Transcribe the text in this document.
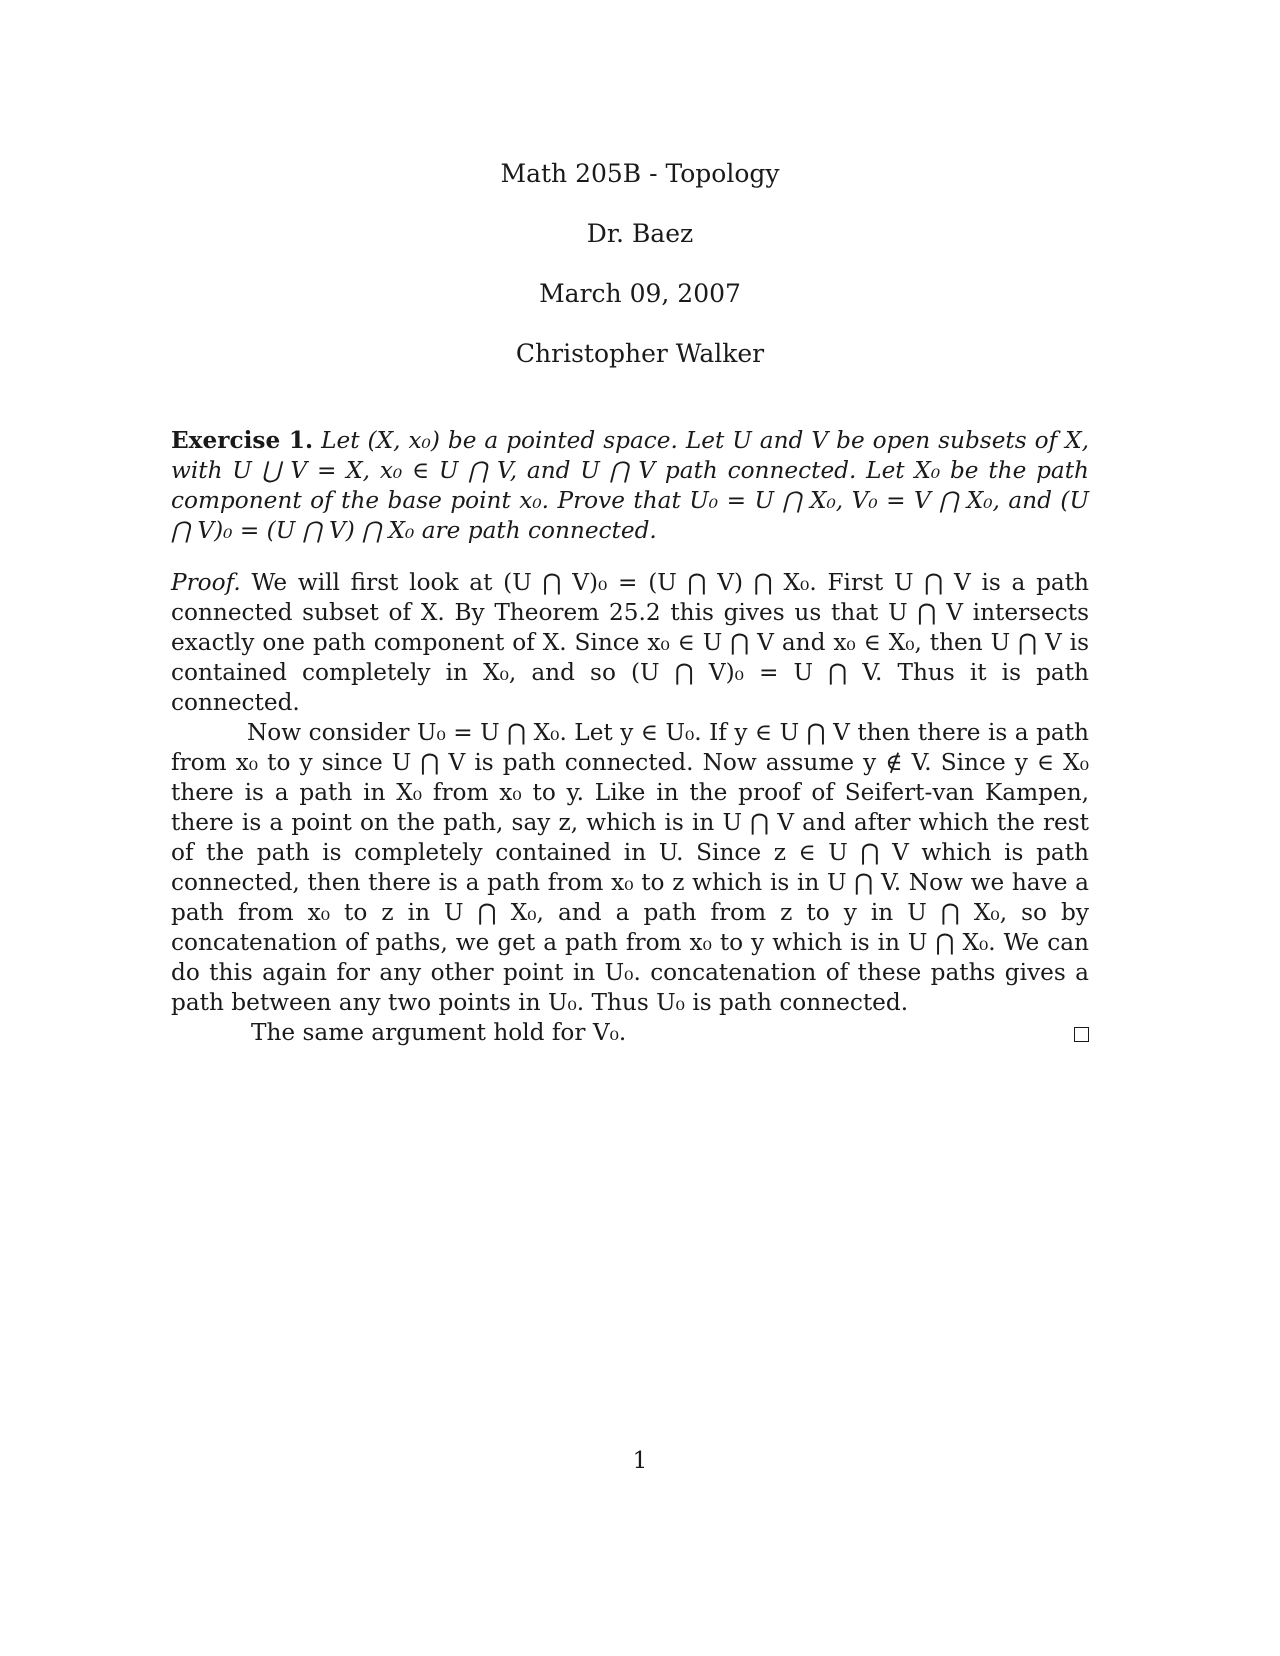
Math 205B - Topology
Dr. Baez
March 09, 2007
Christopher Walker
Exercise 1. Let (X, x₀) be a pointed space. Let U and V be open subsets of X, with U ⋃ V = X, x₀ ∈ U ⋂ V, and U ⋂ V path connected. Let X₀ be the path component of the base point x₀. Prove that U₀ = U ⋂ X₀, V₀ = V ⋂ X₀, and (U ⋂ V)₀ = (U ⋂ V) ⋂ X₀ are path connected.

Proof. We will first look at (U ⋂ V)₀ = (U ⋂ V) ⋂ X₀. First U ⋂ V is a path connected subset of X. By Theorem 25.2 this gives us that U ⋂ V intersects exactly one path component of X. Since x₀ ∈ U ⋂ V and x₀ ∈ X₀, then U ⋂ V is contained completely in X₀, and so (U ⋂ V)₀ = U ⋂ V. Thus it is path connected.

Now consider U₀ = U ⋂ X₀. Let y ∈ U₀. If y ∈ U ⋂ V then there is a path from x₀ to y since U ⋂ V is path connected. Now assume y ∉ V. Since y ∈ X₀ there is a path in X₀ from x₀ to y. Like in the proof of Seifert-van Kampen, there is a point on the path, say z, which is in U ⋂ V and after which the rest of the path is completely contained in U. Since z ∈ U ⋂ V which is path connected, then there is a path from x₀ to z which is in U ⋂ V. Now we have a path from x₀ to z in U ⋂ X₀, and a path from z to y in U ⋂ X₀, so by concatenation of paths, we get a path from x₀ to y which is in U ⋂ X₀. We can do this again for any other point in U₀. concatenation of these paths gives a path between any two points in U₀. Thus U₀ is path connected.

The same argument hold for V₀.

1
